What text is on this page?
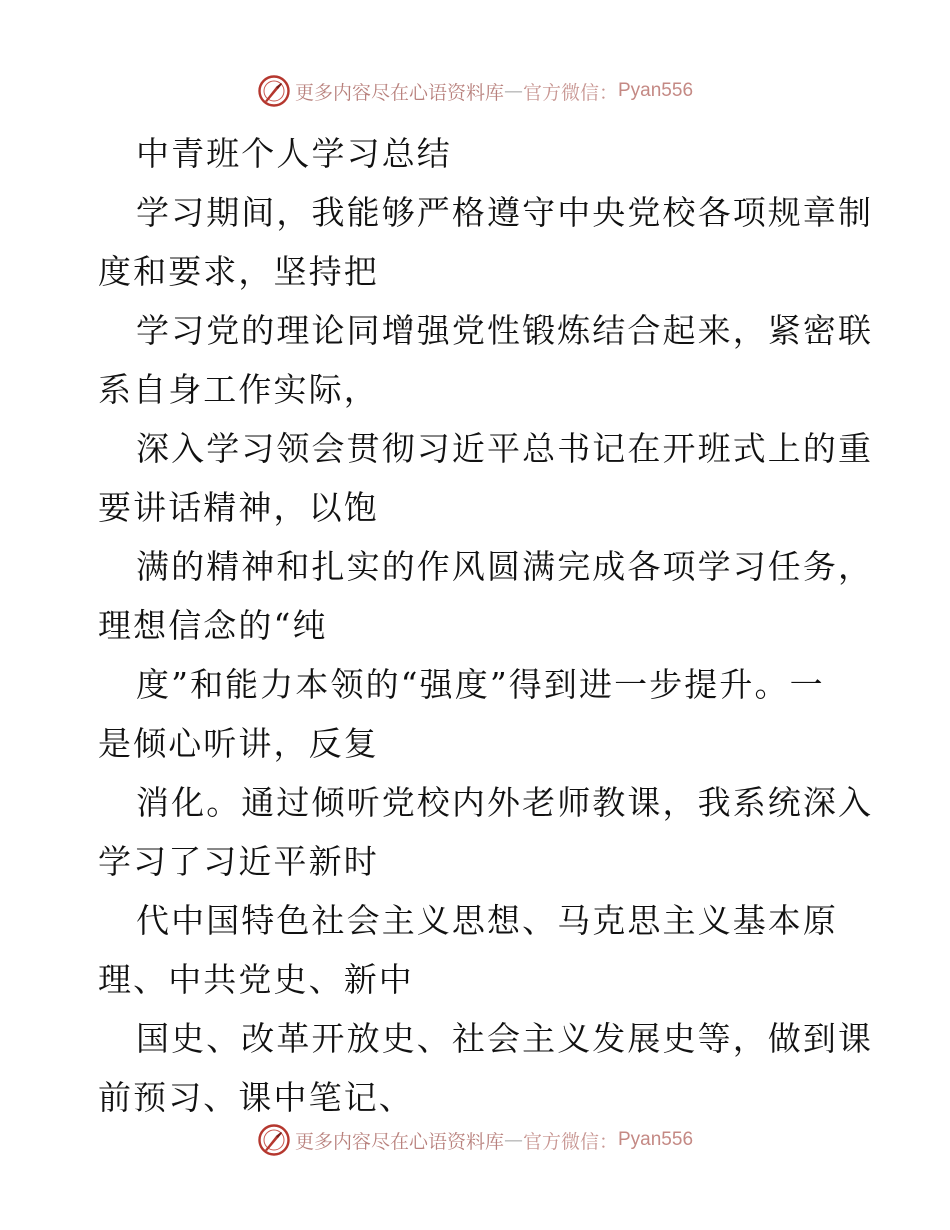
更多内容尽在心语资料库 — 官方微信： Pyan556
中青班个人学习总结
学习期间，我能够严格遵守中央党校各项规章制
度和要求，坚持把
学习党的理论同增强党性锻炼结合起来，紧密联
系自身工作实际，
深入学习领会贯彻习近平总书记在开班式上的重
要讲话精神，以饱
满的精神和扎实的作风圆满完成各项学习任务，
理想信念的“纯
度”和能力本领的“强度”得到进一步提升。一
是倾心听讲，反复
消化。通过倾听党校内外老师教课，我系统深入
学习了习近平新时
代中国特色社会主义思想、马克思主义基本原
理、中共党史、新中
国史、改革开放史、社会主义发展史等，做到课
前预习、课中笔记、
更多内容尽在心语资料库 — 官方微信： Pyan556
